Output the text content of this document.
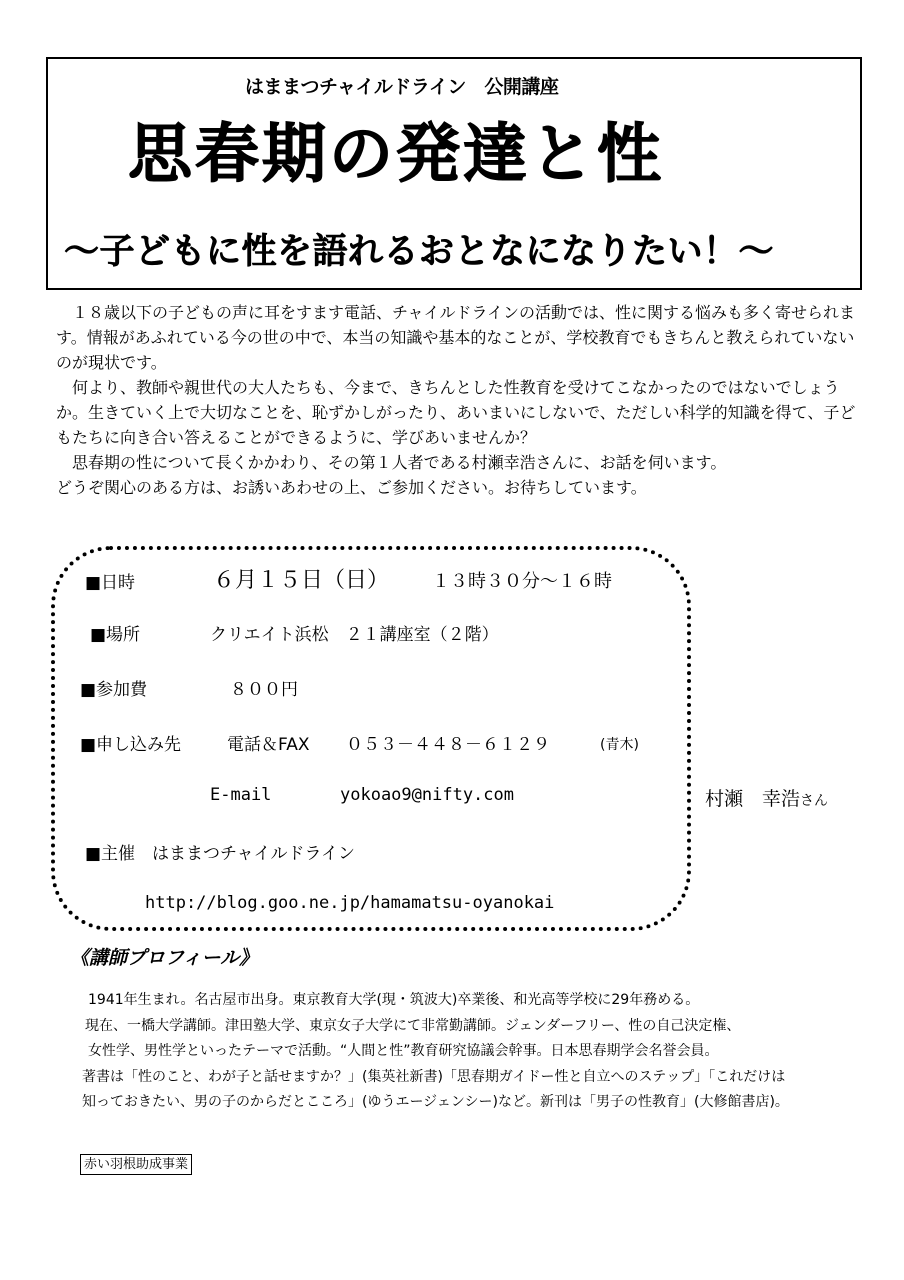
はままつチャイルドライン　公開講座
思春期の発達と性
～子どもに性を語れるおとなになりたい！～

　１８歳以下の子どもの声に耳をすます電話、チャイルドラインの活動では、性に関する悩みも多く寄せられます。情報があふれている今の世の中で、本当の知識や基本的なことが、学校教育でもきちんと教えられていないのが現状です。

　何より、教師や親世代の大人たちも、今まで、きちんとした性教育を受けてこなかったのではないでしょうか。生きていく上で大切なことを、恥ずかしがったり、あいまいにしないで、ただしい科学的知識を得て、子どもたちに向き合い答えることができるように、学びあいませんか？

　思春期の性について長くかかわり、その第１人者である村瀬幸浩さんに、お話を伺います。

どうぞ関心のある方は、お誘いあわせの上、ご参加ください。お待ちしています。

■日時	６月１５日（日） １３時３０分～１６時
■場所	クリエイト浜松　２１講座室（２階）
■参加費	８００円
■申し込み先	電話＆FAX ０５３－４４８－６１２９	(青木)
E-mail	yokoao9@nifty.com
■主催　はままつチャイルドライン
http://blog.goo.ne.jp/hamamatsu-oyanokai
村瀬　幸浩さん
《講師プロフィール》

1941年生まれ。名古屋市出身。東京教育大学(現・筑波大)卒業後、和光高等学校に29年務める。

現在、一橋大学講師。津田塾大学、東京女子大学にて非常勤講師。ジェンダーフリー、性の自己決定権、

女性学、男性学といったテーマで活動。“人間と性”教育研究協議会幹事。日本思春期学会名誉会員。

著書は「性のこと、わが子と話せますか？」(集英社新書)「思春期ガイドー性と自立へのステップ」「これだけは

知っておきたい、男の子のからだとこころ」(ゆうエージェンシー)など。新刊は「男子の性教育」(大修館書店)。

赤い羽根助成事業
